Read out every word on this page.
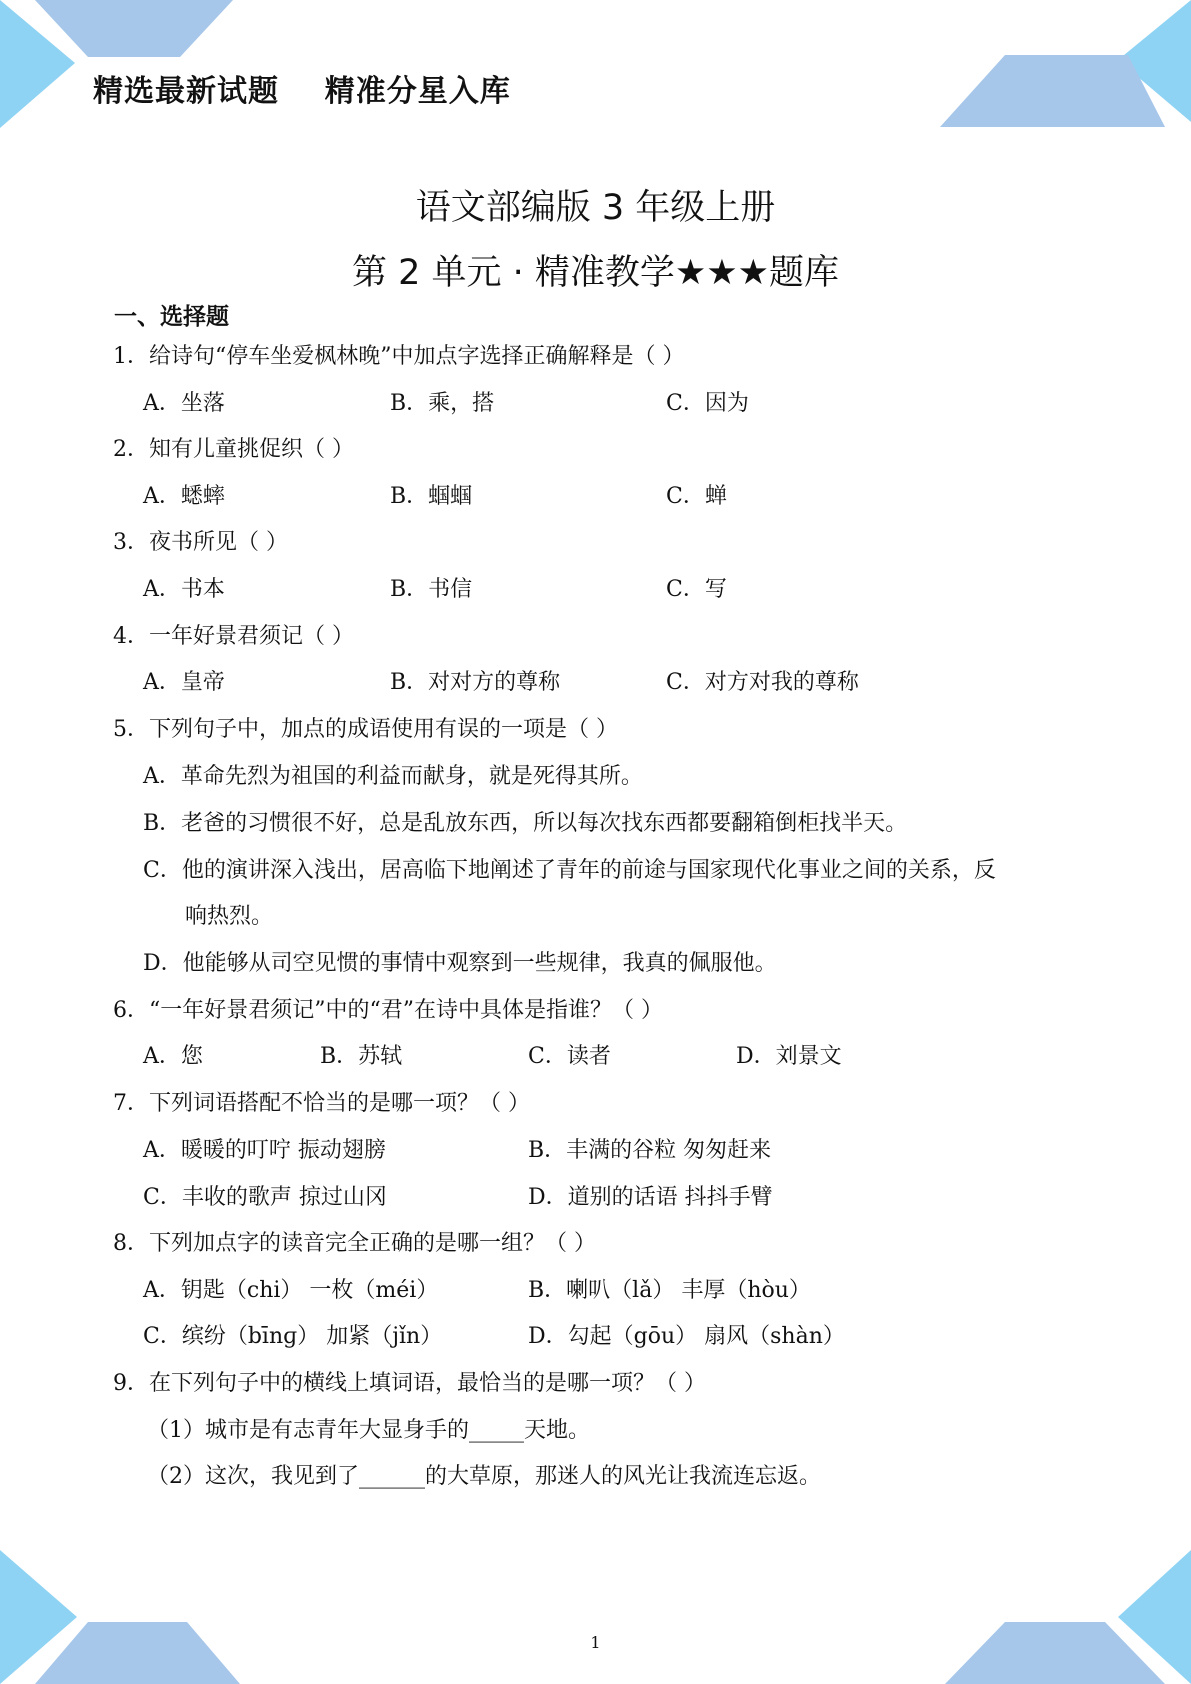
精选最新试题    精准分星入库
语文部编版 3 年级上册
第 2 单元 · 精准教学★★★题库
一、选择题
1．给诗句“停车坐爱枫林晚”中加点字选择正确解释是（ ）
A．坐落	B．乘，搭	C．因为
2．知有儿童挑促织（ ）
A．蟋蟀	B．蝈蝈	C．蝉
3．夜书所见（ ）
A．书本	B．书信	C．写
4．一年好景君须记（ ）
A．皇帝	B．对对方的尊称	C．对方对我的尊称
5．下列句子中，加点的成语使用有误的一项是（ ）
A．革命先烈为祖国的利益而献身，就是死得其所。
B．老爸的习惯很不好，总是乱放东西，所以每次找东西都要翻箱倒柜找半天。
C．他的演讲深入浅出，居高临下地阐述了青年的前途与国家现代化事业之间的关系，反
响热烈。
D．他能够从司空见惯的事情中观察到一些规律，我真的佩服他。
6．“一年好景君须记”中的“君”在诗中具体是指谁？（ ）
A．您	B．苏轼	C．读者	D．刘景文
7．下列词语搭配不恰当的是哪一项？（ ）
A．暖暖的叮咛 振动翅膀	B．丰满的谷粒 匆匆赶来
C．丰收的歌声 掠过山冈	D．道别的话语 抖抖手臂
8．下列加点字的读音完全正确的是哪一组？（ ）
A．钥匙（chi） 一枚（méi）	B．喇叭（lǎ） 丰厚（hòu）
C．缤纷（bīnɡ） 加紧（jǐn）	D．勾起（gōu） 扇风（shàn）
9．在下列句子中的横线上填词语，最恰当的是哪一项？（ ）
（1）城市是有志青年大显身手的_____天地。
（2）这次，我见到了______的大草原，那迷人的风光让我流连忘返。
1
